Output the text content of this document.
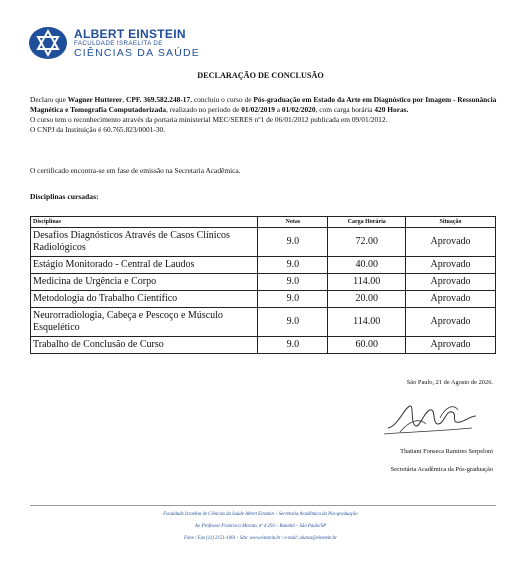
ALBERT EINSTEIN
FACULDADE ISRAELITA DE
CIÊNCIAS DA SAÚDE
DECLARAÇÃO DE CONCLUSÃO
Declaro que Wagner Hutterer, CPF. 369.582.248-17, concluiu o curso de Pós-graduação em Estado da Arte em Diagnóstico por Imagem - Ressonância Magnética e Tomografia Computadorizada, realizado no período de 01/02/2019 a 01/02/2020, com carga horária 420 Horas.
O curso tem o reconhecimento através da portaria ministerial MEC/SERES nº1 de 06/01/2012 publicada em 09/01/2012.
O CNPJ da Instituição é 60.765.823/0001-30.
O certificado encontra-se em fase de emissão na Secretaria Acadêmica.
Disciplinas cursadas:
Disciplinas	Notas	Carga Horária	Situação
Desafios Diagnósticos Através de Casos Clínicos Radiológicos	9.0	72.00	Aprovado
Estágio Monitorado - Central de Laudos	9.0	40.00	Aprovado
Medicina de Urgência e Corpo	9.0	114.00	Aprovado
Metodologia do Trabalho Científico	9.0	20.00	Aprovado
Neurorradiologia, Cabeça e Pescoço e Músculo Esquelético	9.0	114.00	Aprovado
Trabalho de Conclusão de Curso	9.0	60.00	Aprovado
São Paulo, 21 de Agosto de 2026.
Thatiani Fonseca Ramires Serpeloni
Secretária Acadêmica da Pós-graduação
Faculdade Israelita de Ciências da Saúde Albert Einstein – Secretaria Acadêmica da Pós-graduação
Av. Professor Francisco Morato, nº 4 293 – Butantã – São Paulo/SP
Fone / Fax (11) 2151-1001 - Site: www.einstein.br / e-mail: alunos@einstein.br
